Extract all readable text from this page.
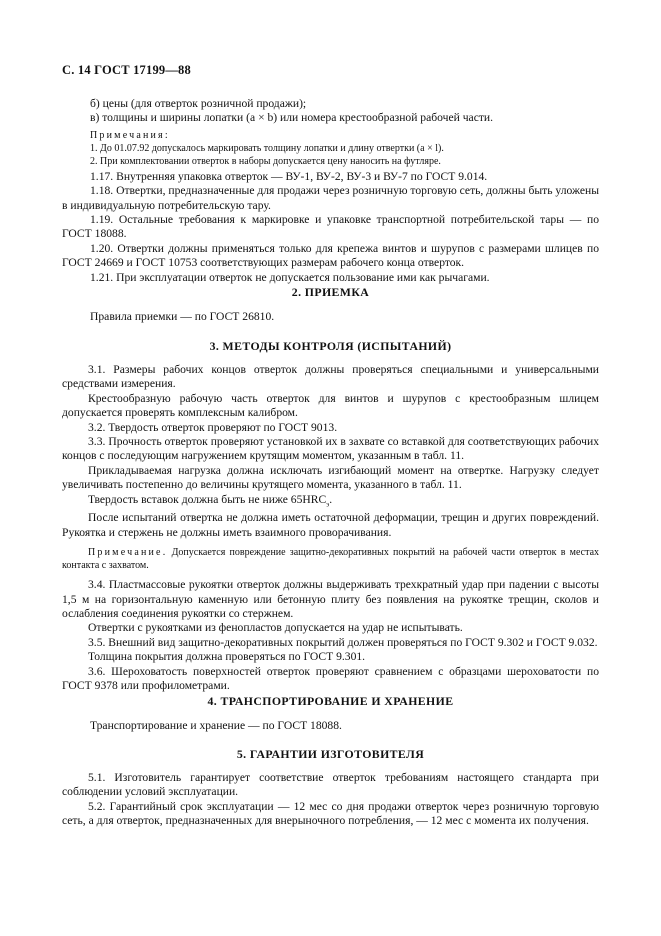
С. 14 ГОСТ 17199—88

б) цены (для отверток розничной продажи);

в) толщины и ширины лопатки (a × b) или номера крестообразной рабочей части.

Примечания:

1. До 01.07.92 допускалось маркировать толщину лопатки и длину отвертки (a × l).

2. При комплектовании отверток в наборы допускается цену наносить на футляре.

1.17. Внутренняя упаковка отверток — ВУ-1, ВУ-2, ВУ-3 и ВУ-7 по ГОСТ 9.014.

1.18. Отвертки, предназначенные для продажи через розничную торговую сеть, должны быть уложены в индивидуальную потребительскую тару.

1.19. Остальные требования к маркировке и упаковке транспортной потребительской тары — по ГОСТ 18088.

1.20. Отвертки должны применяться только для крепежа винтов и шурупов с размерами шлицев по ГОСТ 24669 и ГОСТ 10753 соответствующих размерам рабочего конца отверток.

1.21. При эксплуатации отверток не допускается пользование ими как рычагами.

2. ПРИЕМКА

Правила приемки — по ГОСТ 26810.

3. МЕТОДЫ КОНТРОЛЯ (ИСПЫТАНИЙ)

3.1. Размеры рабочих концов отверток должны проверяться специальными и универсальными средствами измерения.

Крестообразную рабочую часть отверток для винтов и шурупов с крестообразным шлицем допускается проверять комплексным калибром.

3.2. Твердость отверток проверяют по ГОСТ 9013.

3.3. Прочность отверток проверяют установкой их в захвате со вставкой для соответствующих рабочих концов с последующим нагружением крутящим моментом, указанным в табл. 11.

Прикладываемая нагрузка должна исключать изгибающий момент на отвертке. Нагрузку следует увеличивать постепенно до величины крутящего момента, указанного в табл. 11.

Твердость вставок должна быть не ниже $65HRC_э$.

После испытаний отвертка не должна иметь остаточной деформации, трещин и других повреждений. Рукоятка и стержень не должны иметь взаимного проворачивания.

Примечание. Допускается повреждение защитно-декоративных покрытий на рабочей части отверток в местах контакта с захватом.

3.4. Пластмассовые рукоятки отверток должны выдерживать трехкратный удар при падении с высоты 1,5 м на горизонтальную каменную или бетонную плиту без появления на рукоятке трещин, сколов и ослабления соединения рукоятки со стержнем.

Отвертки с рукоятками из фенопластов допускается на удар не испытывать.

3.5. Внешний вид защитно-декоративных покрытий должен проверяться по ГОСТ 9.302 и ГОСТ 9.032.

Толщина покрытия должна проверяться по ГОСТ 9.301.

3.6. Шероховатость поверхностей отверток проверяют сравнением с образцами шероховатости по ГОСТ 9378 или профилометрами.

4. ТРАНСПОРТИРОВАНИЕ И ХРАНЕНИЕ

Транспортирование и хранение — по ГОСТ 18088.

5. ГАРАНТИИ ИЗГОТОВИТЕЛЯ

5.1. Изготовитель гарантирует соответствие отверток требованиям настоящего стандарта при соблюдении условий эксплуатации.

5.2. Гарантийный срок эксплуатации — 12 мес со дня продажи отверток через розничную торговую сеть, а для отверток, предназначенных для внерыночного потребления, — 12 мес с момента их получения.
